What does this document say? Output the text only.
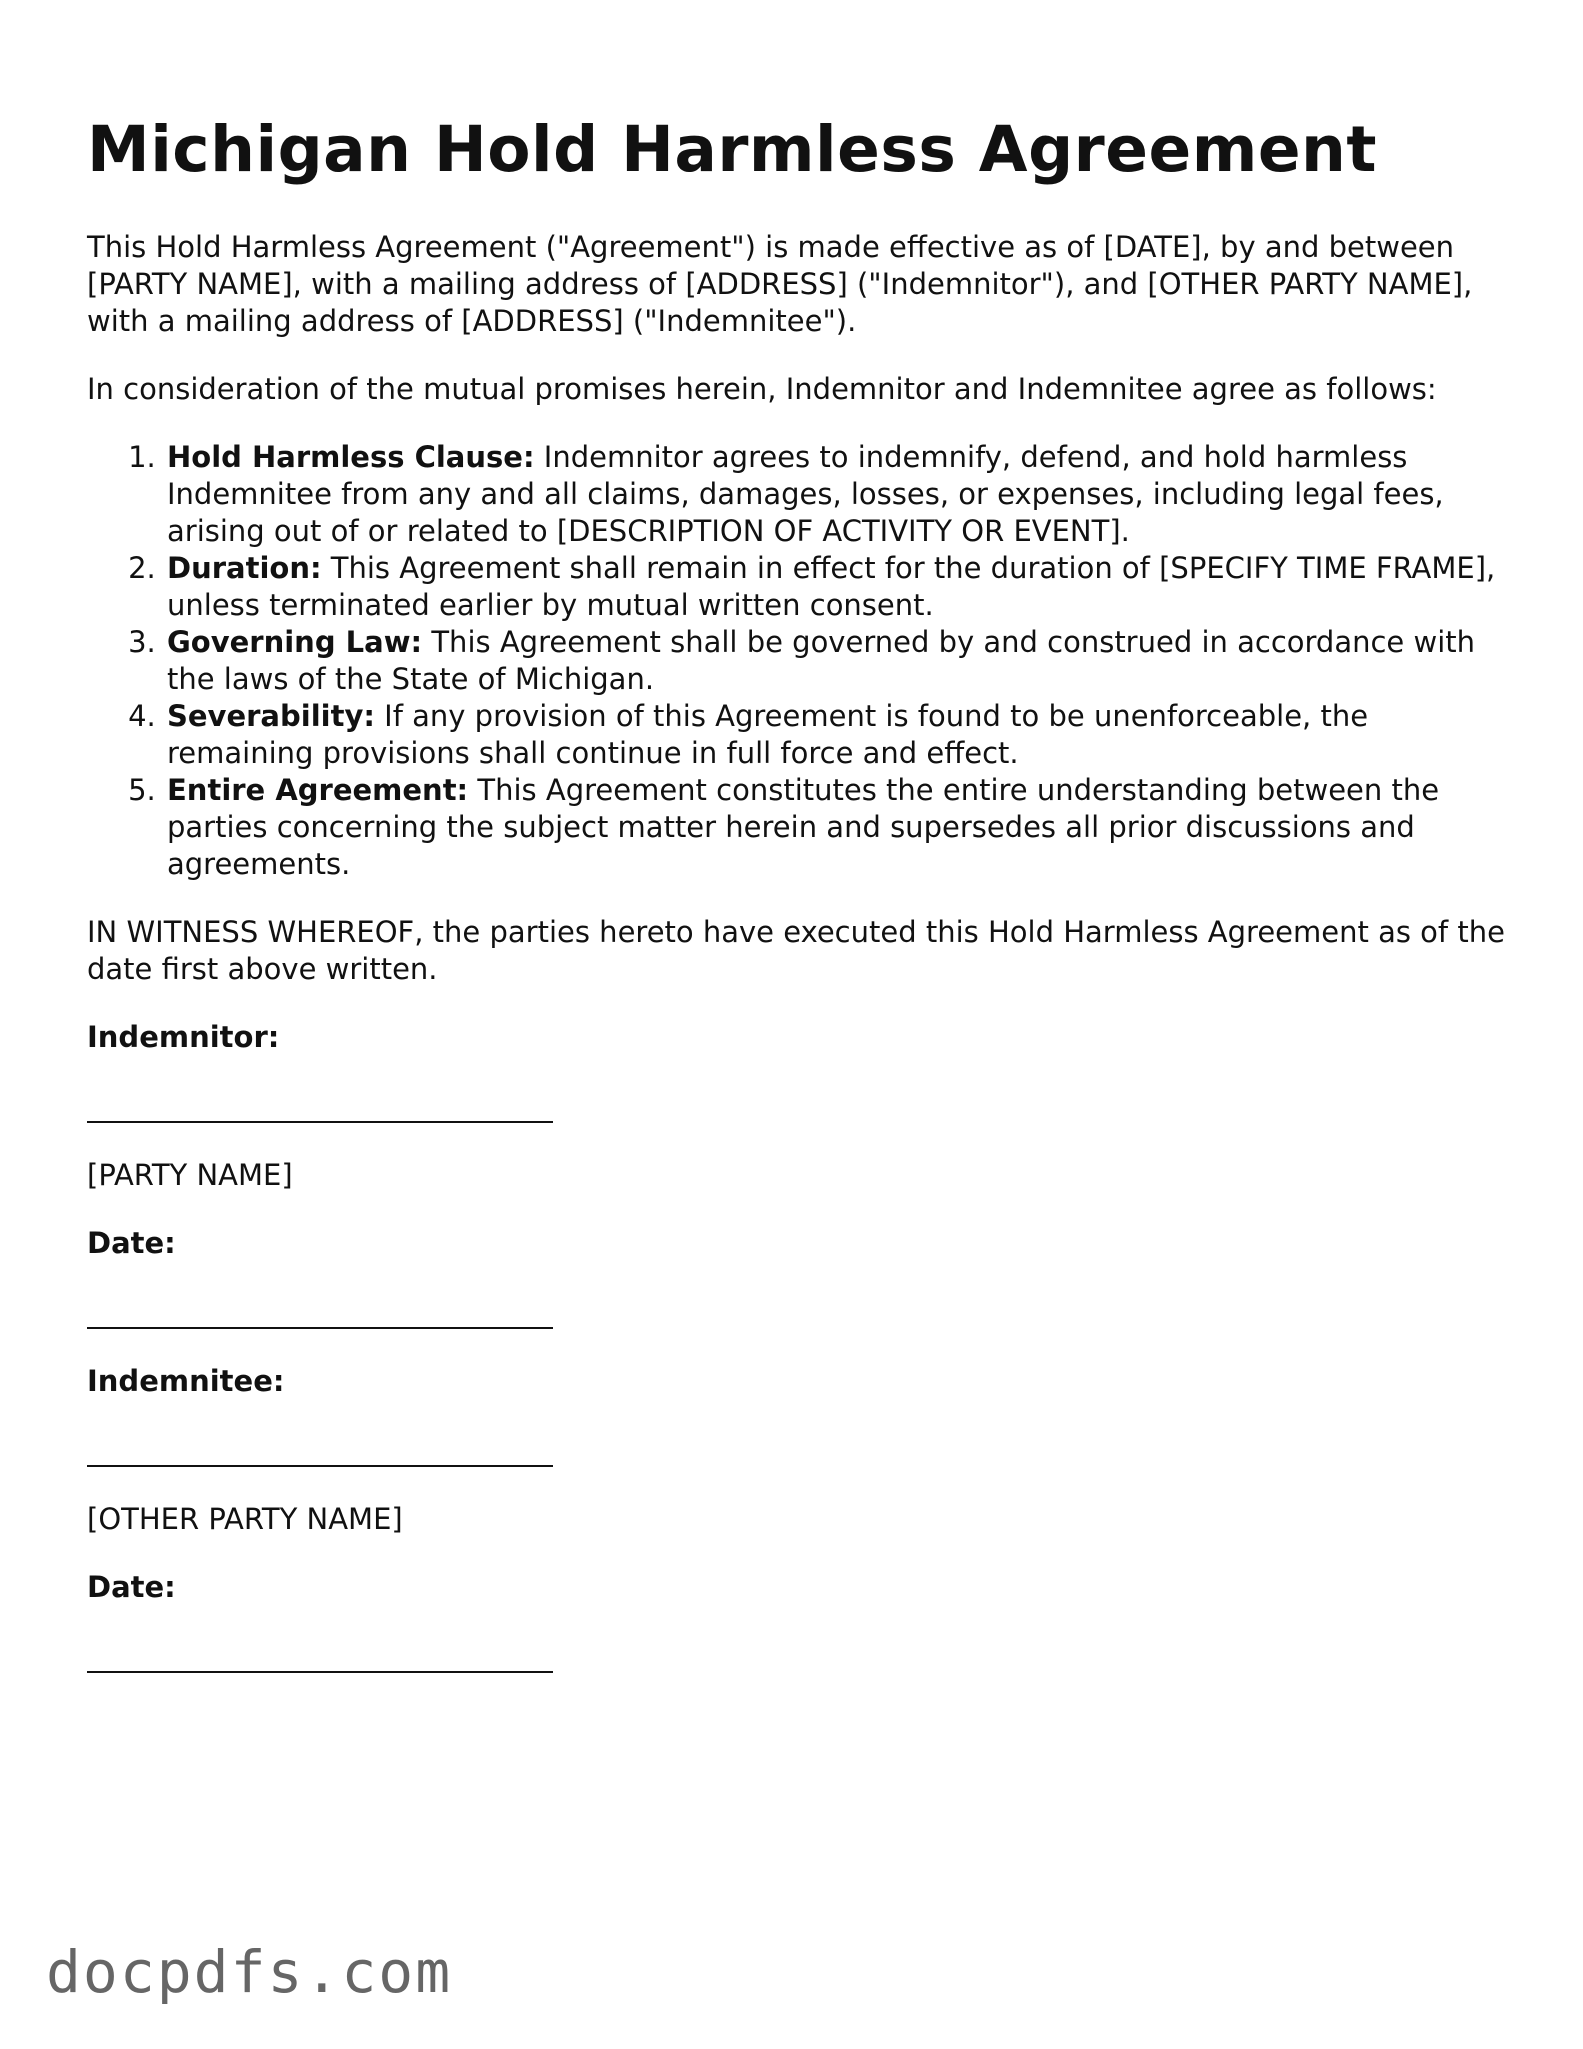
Michigan Hold Harmless Agreement

This Hold Harmless Agreement ("Agreement") is made effective as of [DATE], by and between [PARTY NAME], with a mailing address of [ADDRESS] ("Indemnitor"), and [OTHER PARTY NAME], with a mailing address of [ADDRESS] ("Indemnitee").

In consideration of the mutual promises herein, Indemnitor and Indemnitee agree as follows:

1. Hold Harmless Clause: Indemnitor agrees to indemnify, defend, and hold harmless Indemnitee from any and all claims, damages, losses, or expenses, including legal fees, arising out of or related to [DESCRIPTION OF ACTIVITY OR EVENT].
2. Duration: This Agreement shall remain in effect for the duration of [SPECIFY TIME FRAME], unless terminated earlier by mutual written consent.
3. Governing Law: This Agreement shall be governed by and construed in accordance with the laws of the State of Michigan.
4. Severability: If any provision of this Agreement is found to be unenforceable, the remaining provisions shall continue in full force and effect.
5. Entire Agreement: This Agreement constitutes the entire understanding between the parties concerning the subject matter herein and supersedes all prior discussions and agreements.

IN WITNESS WHEREOF, the parties hereto have executed this Hold Harmless Agreement as of the date first above written.

Indemnitor:

[PARTY NAME]

Date:

Indemnitee:

[OTHER PARTY NAME]

Date:

docpdfs.com
